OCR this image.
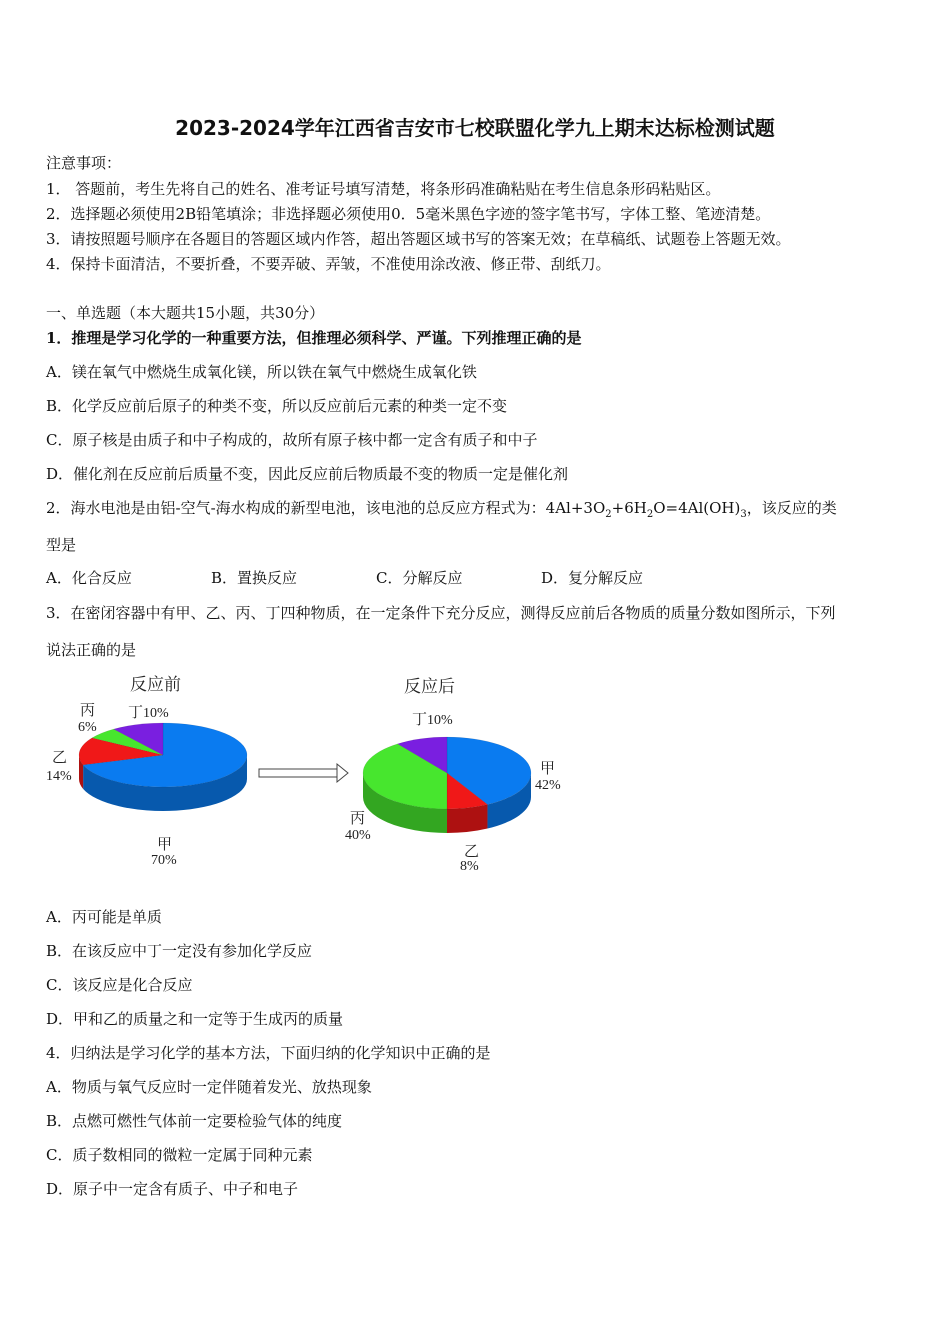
2023-2024学年江西省吉安市七校联盟化学九上期末达标检测试题
注意事项：
1． 答题前，考生先将自己的姓名、准考证号填写清楚，将条形码准确粘贴在考生信息条形码粘贴区。
2．选择题必须使用2B铅笔填涂；非选择题必须使用0．5毫米黑色字迹的签字笔书写，字体工整、笔迹清楚。
3．请按照题号顺序在各题目的答题区域内作答，超出答题区域书写的答案无效；在草稿纸、试题卷上答题无效。
4．保持卡面清洁，不要折叠，不要弄破、弄皱，不准使用涂改液、修正带、刮纸刀。
一、单选题（本大题共15小题，共30分）
1．推理是学习化学的一种重要方法，但推理必须科学、严谨。下列推理正确的是
A．镁在氧气中燃烧生成氧化镁，所以铁在氧气中燃烧生成氧化铁
B．化学反应前后原子的种类不变，所以反应前后元素的种类一定不变
C．原子核是由质子和中子构成的，故所有原子核中都一定含有质子和中子
D．催化剂在反应前后质量不变，因此反应前后物质最不变的物质一定是催化剂
2．海水电池是由铝-空气-海水构成的新型电池，该电池的总反应方程式为：$4Al+3O_2+6H_2O=4Al(OH)_3$，该反应的类
型是
A．化合反应	B．置换反应	C．分解反应	D．复分解反应
3．在密闭容器中有甲、乙、丙、丁四种物质，在一定条件下充分反应，测得反应前后各物质的质量分数如图所示，下列
说法正确的是
反应前
丁10%
丙
6%
乙
14%
甲
70%
反应后
丁10%
甲
42%
丙
40%
乙
8%
A．丙可能是单质
B．在该反应中丁一定没有参加化学反应
C．该反应是化合反应
D．甲和乙的质量之和一定等于生成丙的质量
4．归纳法是学习化学的基本方法，下面归纳的化学知识中正确的是
A．物质与氧气反应时一定伴随着发光、放热现象
B．点燃可燃性气体前一定要检验气体的纯度
C．质子数相同的微粒一定属于同种元素
D．原子中一定含有质子、中子和电子
